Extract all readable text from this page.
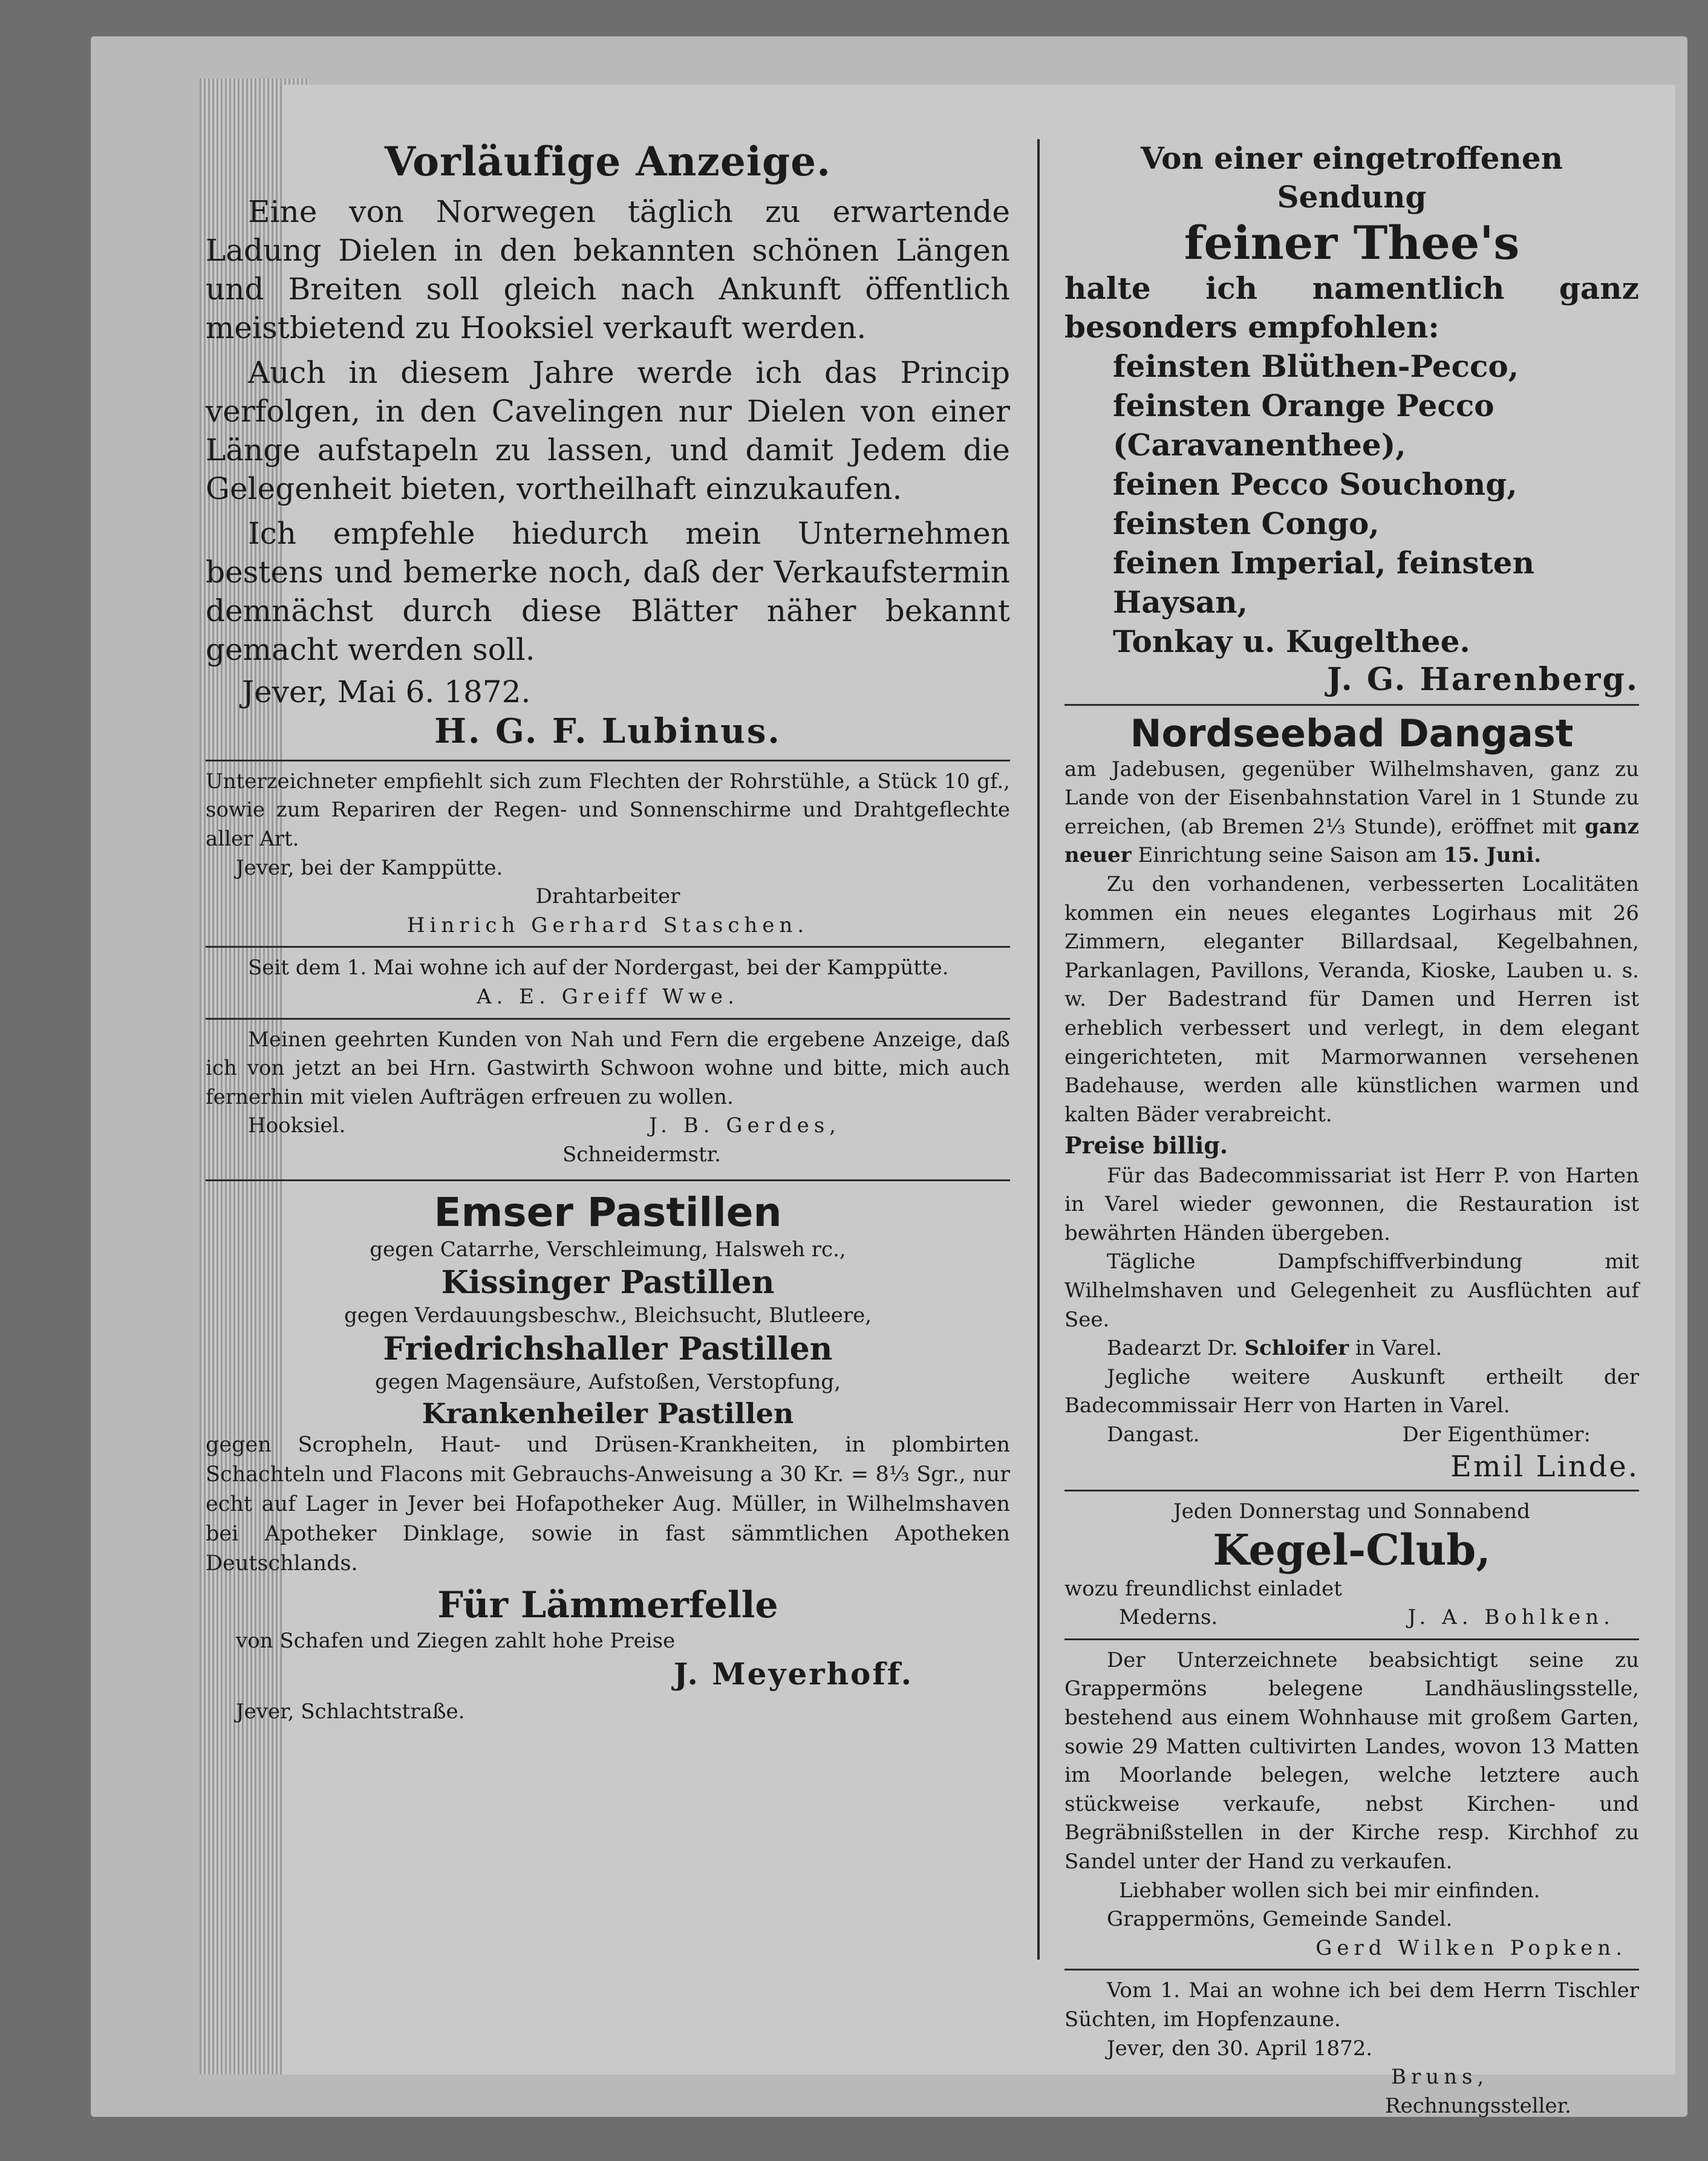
Vorläufige Anzeige.

Eine von Norwegen täglich zu erwartende Ladung Dielen in den bekannten schönen Längen und Breiten soll gleich nach Ankunft öffentlich meistbietend zu Hooksiel verkauft werden.

Auch in diesem Jahre werde ich das Princip verfolgen, in den Cavelingen nur Dielen von einer Länge aufstapeln zu lassen, und damit Jedem die Gelegenheit bieten, vortheilhaft einzukaufen.

Ich empfehle hiedurch mein Unternehmen bestens und bemerke noch, daß der Verkaufstermin demnächst durch diese Blätter näher bekannt gemacht werden soll.

Jever, Mai 6. 1872.
H. G. F. Lubinus.

Unterzeichneter empfiehlt sich zum Flechten der Rohrstühle, a Stück 10 gf., sowie zum Repariren der Regen- und Sonnenschirme und Drahtgeflechte aller Art.

Jever, bei der Kamppütte.
Drahtarbeiter
Hinrich Gerhard Staschen.

Seit dem 1. Mai wohne ich auf der Nordergast, bei der Kamppütte.

A. E. Greiff Wwe.

Meinen geehrten Kunden von Nah und Fern die ergebene Anzeige, daß ich von jetzt an bei Hrn. Gastwirth Schwoon wohne und bitte, mich auch fernerhin mit vielen Aufträgen erfreuen zu wollen.

Hooksiel.	J. B. Gerdes,
Schneidermstr.
Emser Pastillen
gegen Catarrhe, Verschleimung, Halsweh rc.,
Kissinger Pastillen
gegen Verdauungsbeschw., Bleichsucht, Blutleere,
Friedrichshaller Pastillen
gegen Magensäure, Aufstoßen, Verstopfung,
Krankenheiler Pastillen

gegen Scropheln, Haut- und Drüsen-Krankheiten, in plombirten Schachteln und Flacons mit Gebrauchs-Anweisung a 30 Kr. = 8⅓ Sgr., nur echt auf Lager in Jever bei Hofapotheker Aug. Müller, in Wilhelmshaven bei Apotheker Dinklage, sowie in fast sämmtlichen Apotheken Deutschlands.

Für Lämmerfelle
von Schafen und Ziegen zahlt hohe Preise
J. Meyerhoff.
Jever, Schlachtstraße.
Von einer eingetroffenen Sendung
feiner Thee's

halte ich namentlich ganz besonders empfohlen:

feinsten Blüthen-Pecco,
feinsten Orange Pecco (Caravanenthee),
feinen Pecco Souchong,
feinsten Congo,
feinen Imperial, feinsten Haysan,
Tonkay u. Kugelthee.
J. G. Harenberg.
Nordseebad Dangast

am Jadebusen, gegenüber Wilhelmshaven, ganz zu Lande von der Eisenbahnstation Varel in 1 Stunde zu erreichen, (ab Bremen 2⅓ Stunde), eröffnet mit ganz neuer Einrichtung seine Saison am 15. Juni.

Zu den vorhandenen, verbesserten Localitäten kommen ein neues elegantes Logirhaus mit 26 Zimmern, eleganter Billardsaal, Kegelbahnen, Parkanlagen, Pavillons, Veranda, Kioske, Lauben u. s. w. Der Badestrand für Damen und Herren ist erheblich verbessert und verlegt, in dem elegant eingerichteten, mit Marmorwannen versehenen Badehause, werden alle künstlichen warmen und kalten Bäder verabreicht.

Preise billig.

Für das Badecommissariat ist Herr P. von Harten in Varel wieder gewonnen, die Restauration ist bewährten Händen übergeben.

Tägliche Dampfschiffverbindung mit Wilhelmshaven und Gelegenheit zu Ausflüchten auf See.

Badearzt Dr. Schloifer in Varel.

Jegliche weitere Auskunft ertheilt der Badecommissair Herr von Harten in Varel.

Dangast.	Der Eigenthümer:
Emil Linde.
Jeden Donnerstag und Sonnabend
Kegel-Club,
wozu freundlichst einladet
Mederns.	J. A. Bohlken.

Der Unterzeichnete beabsichtigt seine zu Grappermöns belegene Landhäuslingsstelle, bestehend aus einem Wohnhause mit großem Garten, sowie 29 Matten cultivirten Landes, wovon 13 Matten im Moorlande belegen, welche letztere auch stückweise verkaufe, nebst Kirchen- und Begräbnißstellen in der Kirche resp. Kirchhof zu Sandel unter der Hand zu verkaufen.

Liebhaber wollen sich bei mir einfinden.
Grappermöns, Gemeinde Sandel.
Gerd Wilken Popken.

Vom 1. Mai an wohne ich bei dem Herrn Tischler Süchten, im Hopfenzaune.

Jever, den 30. April 1872.
Bruns,
Rechnungssteller.
